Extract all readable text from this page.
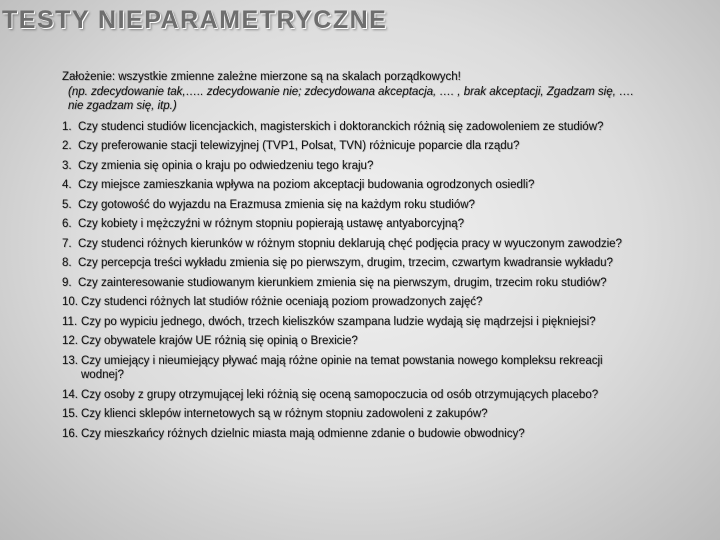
TESTY NIEPARAMETRYCZNE

Założenie: wszystkie zmienne zależne mierzone są na skalach porządkowych!
(np. zdecydowanie tak,….. zdecydowanie nie; zdecydowana akceptacja, …. , brak akceptacji, Zgadzam się, …. nie zgadzam się, itp.)

1. Czy studenci studiów licencjackich, magisterskich i doktoranckich różnią się zadowoleniem ze studiów?
2. Czy preferowanie stacji telewizyjnej (TVP1, Polsat, TVN) różnicuje poparcie dla rządu?
3. Czy zmienia się opinia o kraju po odwiedzeniu tego kraju?
4. Czy miejsce zamieszkania wpływa na poziom akceptacji budowania ogrodzonych osiedli?
5. Czy gotowość do wyjazdu na Erazmusa zmienia się na każdym roku studiów?
6. Czy kobiety i mężczyźni w różnym stopniu popierają ustawę antyaborcyjną?
7. Czy studenci różnych kierunków w różnym stopniu deklarują chęć podjęcia pracy w wyuczonym zawodzie?
8. Czy percepcja treści wykładu zmienia się po pierwszym, drugim, trzecim, czwartym kwadransie wykładu?
9. Czy zainteresowanie studiowanym kierunkiem zmienia się na pierwszym, drugim, trzecim roku studiów?
10. Czy studenci różnych lat studiów różnie oceniają poziom prowadzonych zajęć?
11. Czy po wypiciu jednego, dwóch, trzech kieliszków szampana ludzie wydają się mądrzejsi i piękniejsi?
12. Czy obywatele krajów UE różnią się opinią o Brexicie?
13. Czy umiejący i nieumiejący pływać mają różne opinie na temat powstania nowego kompleksu rekreacji wodnej?
14. Czy osoby z grupy otrzymującej leki różnią się oceną samopoczucia od osób otrzymujących placebo?
15. Czy klienci sklepów internetowych są w różnym stopniu zadowoleni z zakupów?
16. Czy mieszkańcy różnych dzielnic miasta mają odmienne zdanie o budowie obwodnicy?
